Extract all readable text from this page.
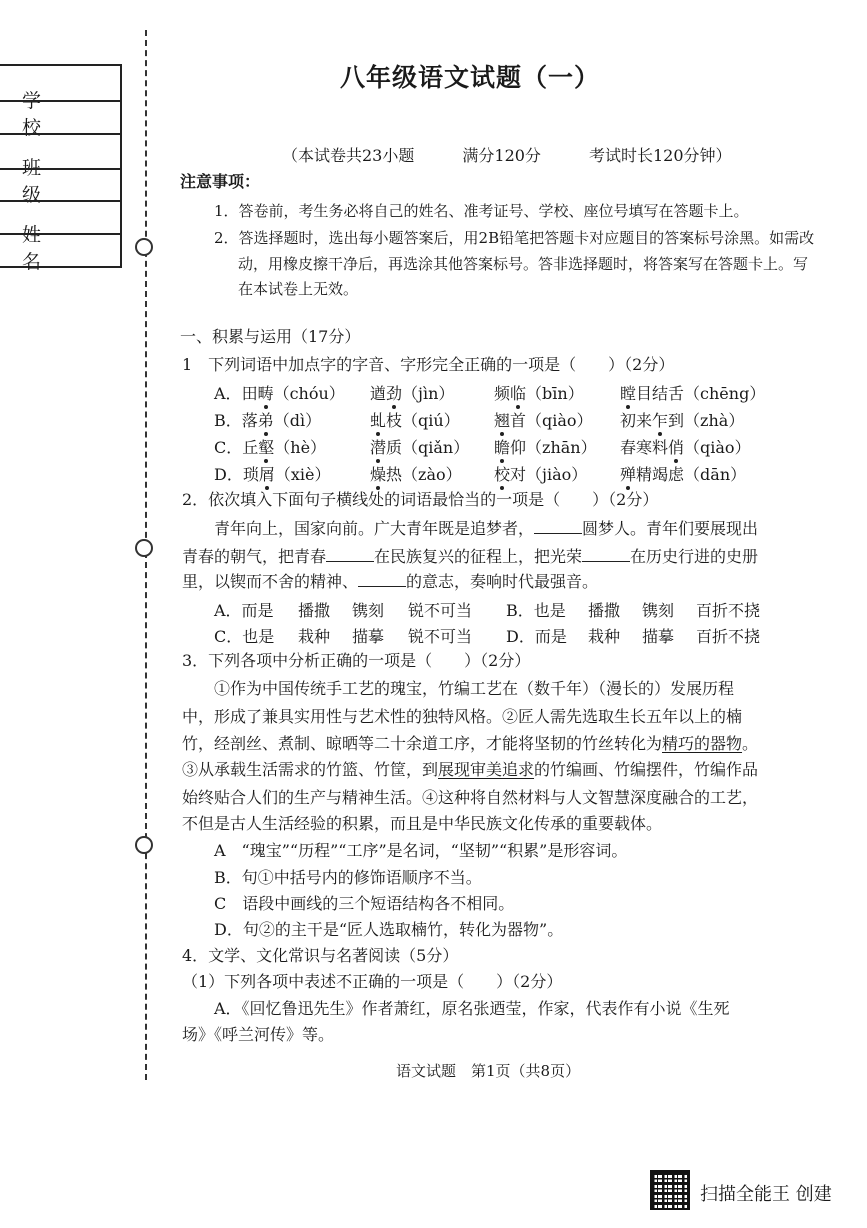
学校
班级
姓名
八年级语文试题（一）
（本试卷共23小题　　　	满分120分　　　	考试时长120分钟）
注意事项：
1．答卷前，考生务必将自己的姓名、准考证号、学校、座位号填写在答题卡上。
2．答选择题时，选出每小题答案后，用2B铅笔把答题卡对应题目的答案标号涂黑。如需改
动，用橡皮擦干净后，再选涂其他答案标号。答非选择题时，将答案写在答题卡上。写
在本试卷上无效。
一、积累与运用（17分）
1　下列词语中加点字的字音、字形完全正确的一项是（　　）（2分）
A．田畴（chóu） 遒劲（jìn） 频临（bīn） 瞠目结舌（chēng）
B．落弟（dì）	虬枝（qiú） 翘首（qiào） 初来乍到（zhà）
C．丘壑（hè）	潜质（qiǎn） 瞻仰（zhān） 春寒料俏（qiào）
D．琐屑（xiè） 燥热（zào） 校对（jiào） 殚精竭虑（dān）
2．依次填入下面句子横线处的词语最恰当的一项是（　　）（2分）
青年向上，国家向前。广大青年既是追梦者，	圆梦人。青年们要展现出
青春的朝气，把青春	在民族复兴的征程上，把光荣	在历史行进的史册
里，以锲而不舍的精神、	的意志，奏响时代最强音。
A．而是 播撒 镌刻 锐不可当 B．也是 播撒 镌刻 百折不挠
C．也是 栽种 描摹 锐不可当 D．而是 栽种 描摹 百折不挠
3．下列各项中分析正确的一项是（　　）（2分）
①作为中国传统手工艺的瑰宝，竹编工艺在（数千年）（漫长的）发展历程
中，形成了兼具实用性与艺术性的独特风格。②匠人需先选取生长五年以上的楠
竹，经剖丝、煮制、晾晒等二十余道工序，才能将坚韧的竹丝转化为精巧的器物。
③从承载生活需求的竹篮、竹筐，到展现审美追求的竹编画、竹编摆件，竹编作品
始终贴合人们的生产与精神生活。④这种将自然材料与人文智慧深度融合的工艺，
不但是古人生活经验的积累，而且是中华民族文化传承的重要载体。
A　“瑰宝”“历程”“工序”是名词，“坚韧”“积累”是形容词。
B．句①中括号内的修饰语顺序不当。
C　语段中画线的三个短语结构各不相同。
D．句②的主干是“匠人选取楠竹，转化为器物”。
4．文学、文化常识与名著阅读（5分）
（1）下列各项中表述不正确的一项是（　　）（2分）
A．《回忆鲁迅先生》作者萧红，原名张迺莹，作家，代表作有小说《生死
场》《呼兰河传》等。
语文试题　第1页（共8页）
扫描全能王 创建
